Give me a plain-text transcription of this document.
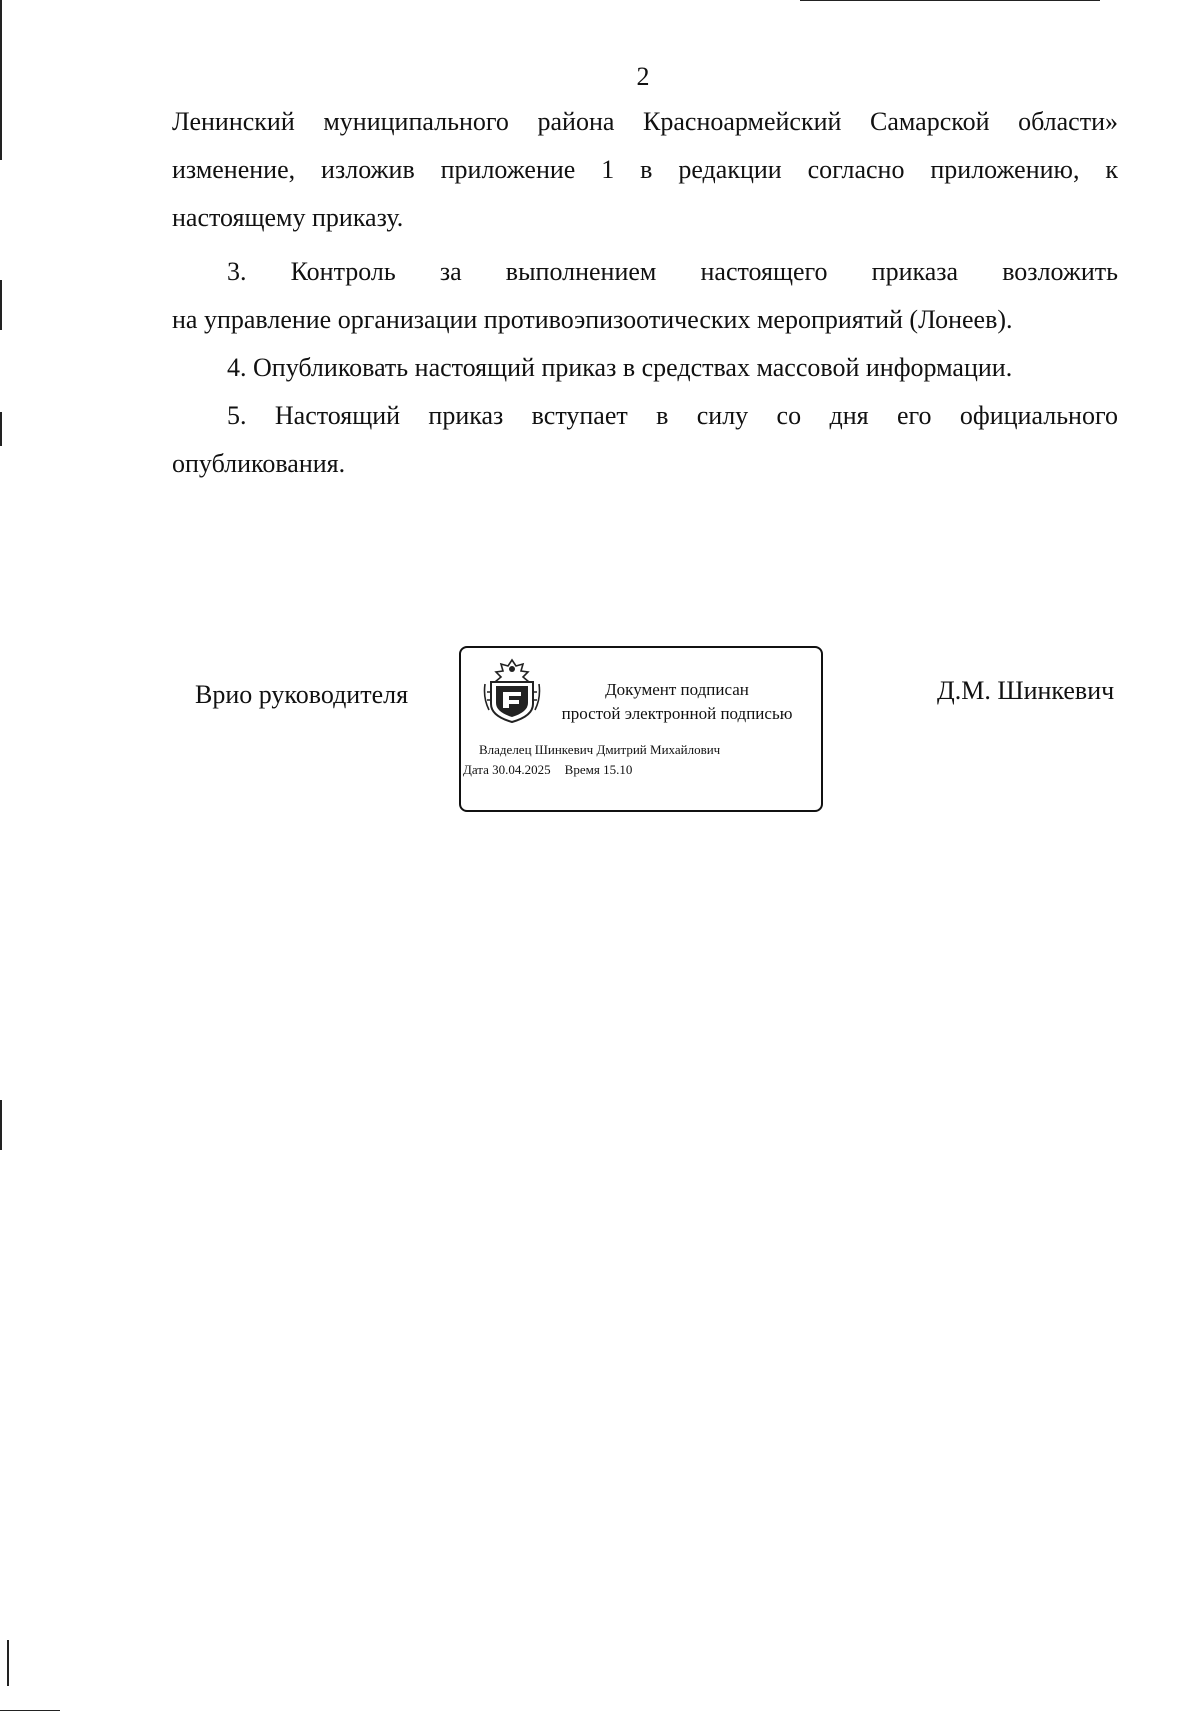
2

Ленинский муниципального района Красноармейский Самарской области»

изменение, изложив приложение 1 в редакции согласно приложению, к

настоящему приказу.

3. Контроль за выполнением настоящего приказа возложить

на управление организации противоэпизоотических мероприятий (Лонеев).

4. Опубликовать настоящий приказ в средствах массовой информации.

5. Настоящий приказ вступает в силу со дня его официального

опубликования.

Врио руководителя	Документ подписан
простой электронной подписью
Владелец Шинкевич Дмитрий Михайлович
Дата 30.04.2025 Время 15.10
Д.М. Шинкевич
